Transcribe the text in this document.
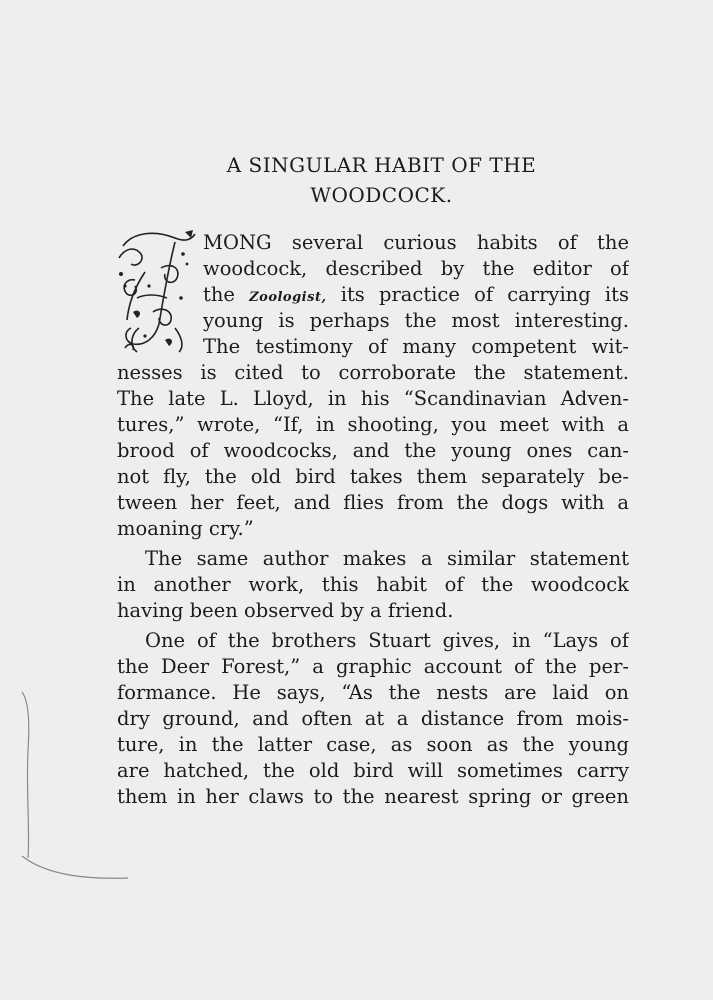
A SINGULAR HABIT OF THE
WOODCOCK.
MONG several curious habits of the
woodcock, described by the editor of
the Zoologist, its practice of carrying its
young is perhaps the most interesting.
The testimony of many competent wit-
nesses is cited to corroborate the statement.
The late L. Lloyd, in his “Scandinavian Adven-
tures,” wrote, “If, in shooting, you meet with a
brood of woodcocks, and the young ones can-
not fly, the old bird takes them separately be-
tween her feet, and flies from the dogs with a
moaning cry.”
The same author makes a similar statement
in another work, this habit of the woodcock
having been observed by a friend.
One of the brothers Stuart gives, in “Lays of
the Deer Forest,” a graphic account of the per-
formance. He says, “As the nests are laid on
dry ground, and often at a distance from mois-
ture, in the latter case, as soon as the young
are hatched, the old bird will sometimes carry
them in her claws to the nearest spring or green
